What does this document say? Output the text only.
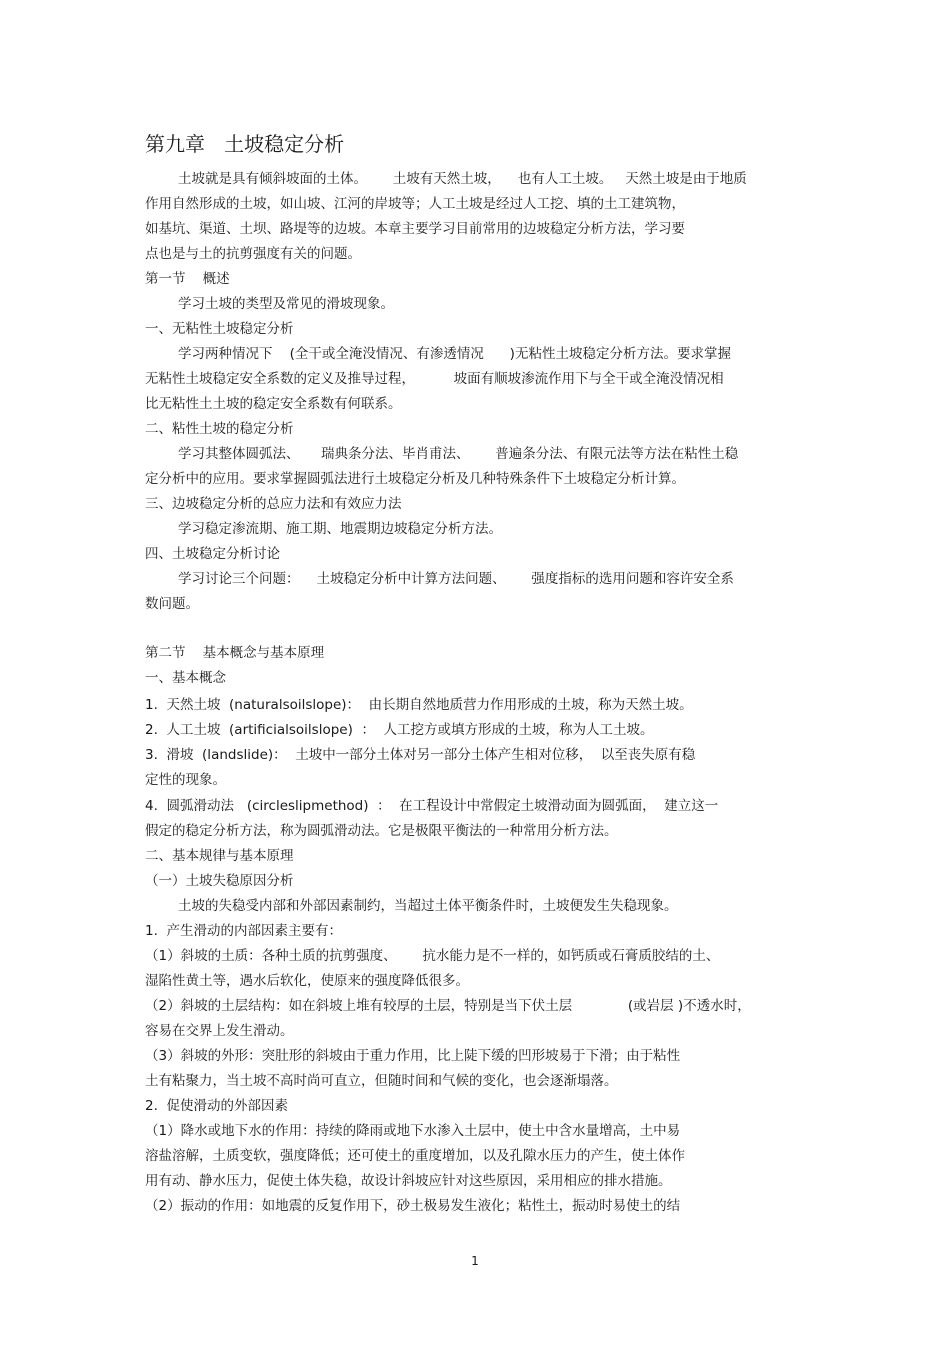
第九章   土坡稳定分析
土坡就是具有倾斜坡面的土体。      土坡有天然土坡，    也有人工土坡。   天然土坡是由于地质
作用自然形成的土坡，如山坡、江河的岸坡等；人工土坡是经过人工挖、填的土工建筑物，
如基坑、渠道、土坝、路堤等的边坡。本章主要学习目前常用的边坡稳定分析方法，学习要
点也是与土的抗剪强度有关的问题。
第一节    概述
学习土坡的类型及常见的滑坡现象。
一、无粘性土坡稳定分析
学习两种情况下    (全干或全淹没情况、有渗透情况      )无粘性土坡稳定分析方法。要求掌握
无粘性土坡稳定安全系数的定义及推导过程，         坡面有顺坡渗流作用下与全干或全淹没情况相
比无粘性土土坡的稳定安全系数有何联系。
二、粘性土坡的稳定分析
学习其整体圆弧法、     瑞典条分法、毕肖甫法、      普遍条分法、有限元法等方法在粘性土稳
定分析中的应用。要求掌握圆弧法进行土坡稳定分析及几种特殊条件下土坡稳定分析计算。
三、边坡稳定分析的总应力法和有效应力法
学习稳定渗流期、施工期、地震期边坡稳定分析方法。
四、土坡稳定分析讨论
学习讨论三个问题：    土坡稳定分析中计算方法问题、      强度指标的选用问题和容许安全系
数问题。
第二节    基本概念与基本原理
一、基本概念
1.  天然土坡  (naturalsoilslope)：  由长期自然地质营力作用形成的土坡，称为天然土坡。
2.  人工土坡  (artificialsoilslope)  ：  人工挖方或填方形成的土坡，称为人工土坡。
3.  滑坡  (landslide)：  土坡中一部分土体对另一部分土体产生相对位移，  以至丧失原有稳
定性的现象。
4.  圆弧滑动法   (circleslipmethod)  ：  在工程设计中常假定土坡滑动面为圆弧面，  建立这一
假定的稳定分析方法，称为圆弧滑动法。它是极限平衡法的一种常用分析方法。
二、基本规律与基本原理
（一）土坡失稳原因分析
土坡的失稳受内部和外部因素制约，当超过土体平衡条件时，土坡便发生失稳现象。
1.  产生滑动的内部因素主要有：
（1）斜坡的土质：各种土质的抗剪强度、      抗水能力是不一样的，如钙质或石膏质胶结的土、
湿陷性黄土等，遇水后软化，使原来的强度降低很多。
（2）斜坡的土层结构：如在斜坡上堆有较厚的土层，特别是当下伏土层             (或岩层 )不透水时，
容易在交界上发生滑动。
（3）斜坡的外形：突肚形的斜坡由于重力作用，比上陡下缓的凹形坡易于下滑；由于粘性
土有粘聚力，当土坡不高时尚可直立，但随时间和气候的变化，也会逐渐塌落。
2.  促使滑动的外部因素
（1）降水或地下水的作用：持续的降雨或地下水渗入土层中，使土中含水量增高，土中易
溶盐溶解，土质变软，强度降低；还可使土的重度增加，以及孔隙水压力的产生，使土体作
用有动、静水压力，促使土体失稳，故设计斜坡应针对这些原因，采用相应的排水措施。
（2）振动的作用：如地震的反复作用下，砂土极易发生液化；粘性土，振动时易使土的结
1
